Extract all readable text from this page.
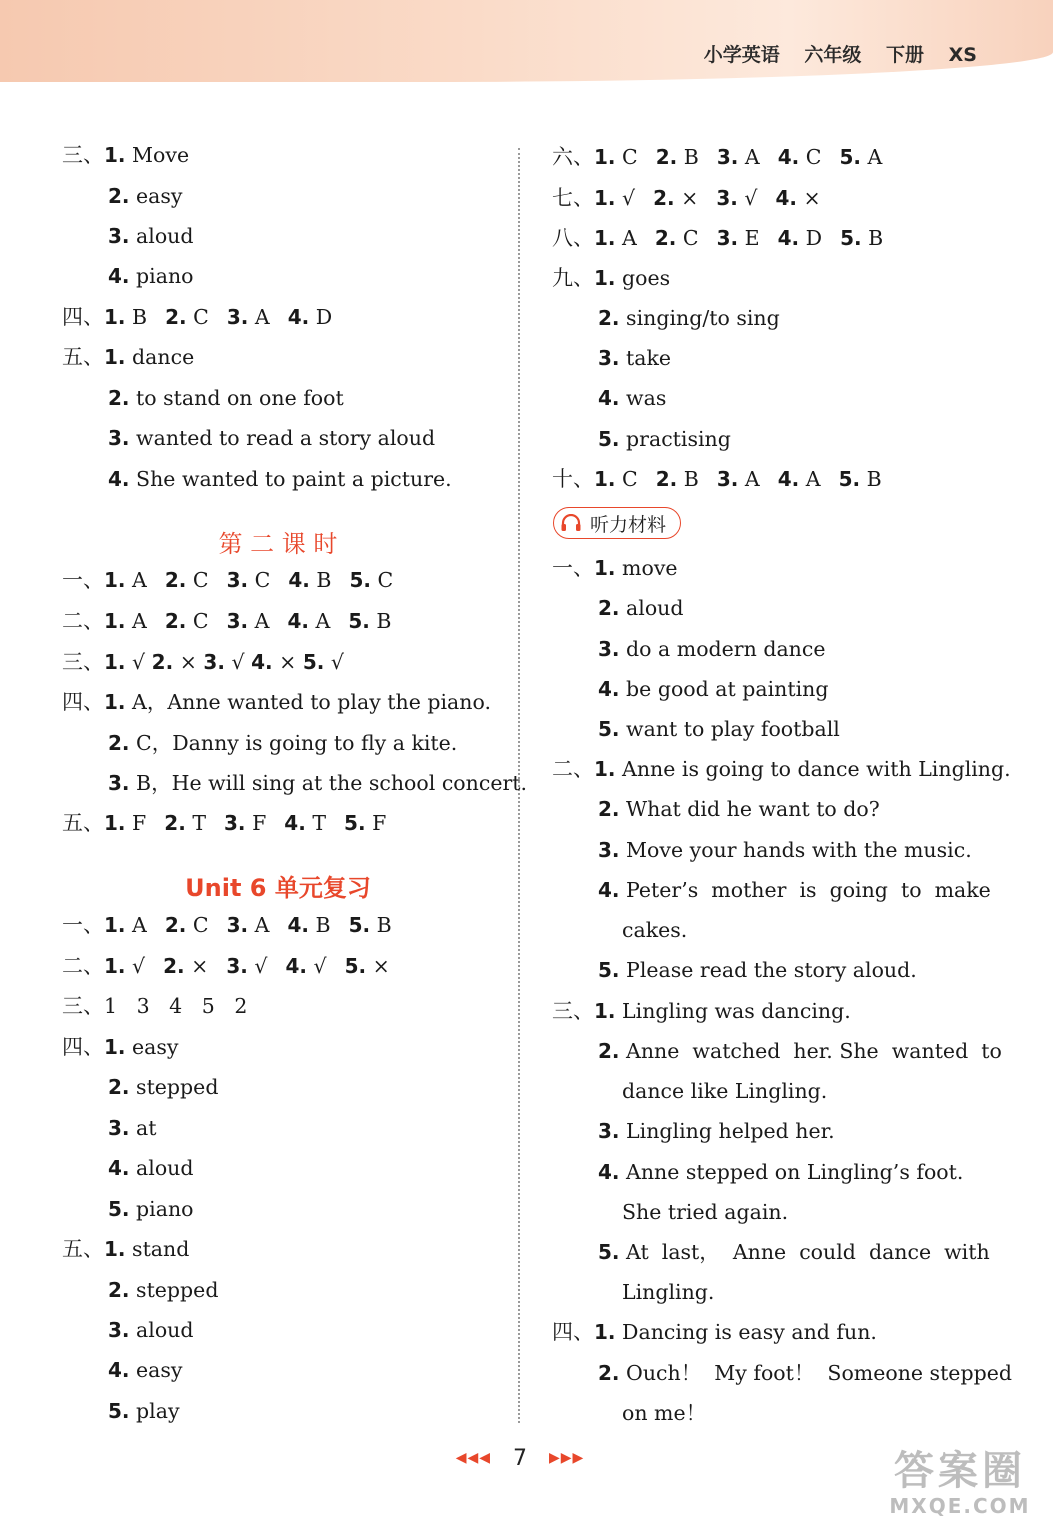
小学英语 六年级 下册 XS
三、1. Move
2. easy
3. aloud
4. piano
四、1. B 2. C 3. A 4. D
五、1. dance
2. to stand on one foot
3. wanted to read a story aloud
4. She wanted to paint a picture.
第 二 课 时
一、1. A 2. C 3. C 4. B 5. C
二、1. A 2. C 3. A 4. A 5. B
三、1. √ 2. × 3. √ 4. × 5. √
四、1. A，Anne wanted to play the piano.
2. C，Danny is going to fly a kite.
3. B，He will sing at the school concert.
五、1. F 2. T 3. F 4. T 5. F
Unit 6 单元复习
一、1. A 2. C 3. A 4. B 5. B
二、1. √ 2. × 3. √ 4. √ 5. ×
三、1   3   4   5   2
四、1. easy
2. stepped
3. at
4. aloud
5. piano
五、1. stand
2. stepped
3. aloud
4. easy
5. play
六、1. C 2. B 3. A 4. C 5. A
七、1. √ 2. × 3. √ 4. ×
八、1. A 2. C 3. E 4. D 5. B
九、1. goes
2. singing/to sing
3. take
4. was
5. practising
十、1. C 2. B 3. A 4. A 5. B
听力材料
一、1. move
2. aloud
3. do a modern dance
4. be good at painting
5. want to play football
二、1. Anne is going to dance with Lingling.
2. What did he want to do?
3. Move your hands with the music.
4. Peter’s  mother  is  going  to  make
cakes.
5. Please read the story aloud.
三、1. Lingling was dancing.
2. Anne  watched  her. She  wanted  to
dance like Lingling.
3. Lingling helped her.
4. Anne stepped on Lingling’s foot.
She tried again.
5. At  last，  Anne  could  dance  with
Lingling.
四、1. Dancing is easy and fun.
2. Ouch！  My foot！  Someone stepped
on me！
◀◀◀ 7 ▶▶▶	答案圈
MXQE.COM
